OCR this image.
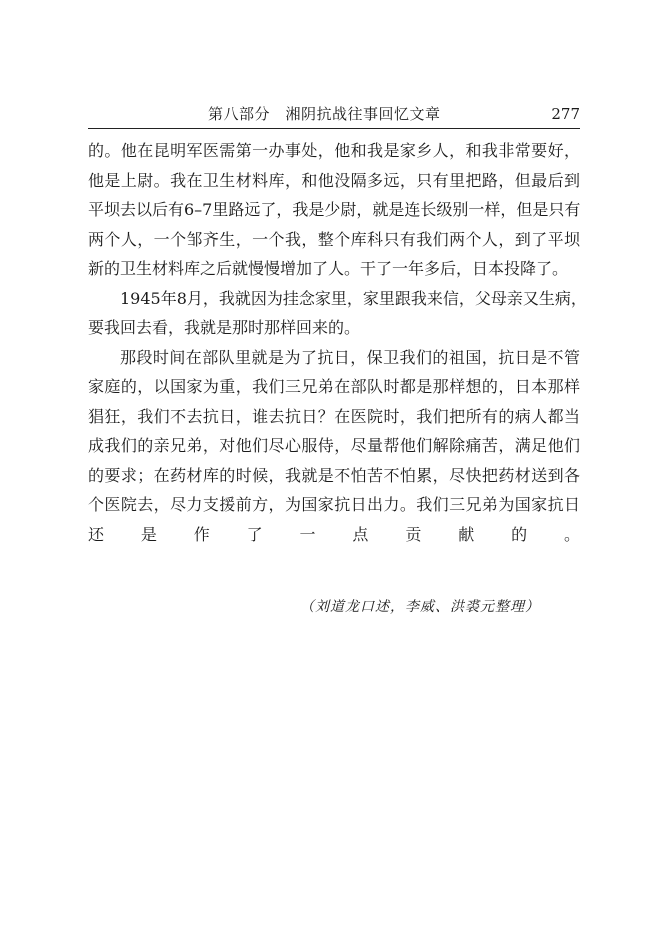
第八部分　湘阴抗战往事回忆文章	277

的。他在昆明军医需第一办事处，他和我是家乡人，和我非常要好，
他是上尉。我在卫生材料库，和他没隔多远，只有里把路，但最后到
平坝去以后有6–7里路远了，我是少尉，就是连长级别一样，但是只有
两个人，一个邹齐生，一个我，整个库科只有我们两个人，到了平坝
新的卫生材料库之后就慢慢增加了人。干了一年多后，日本投降了。

1945年8月，我就因为挂念家里，家里跟我来信，父母亲又生病，
要我回去看，我就是那时那样回来的。

那段时间在部队里就是为了抗日，保卫我们的祖国，抗日是不管
家庭的，以国家为重，我们三兄弟在部队时都是那样想的，日本那样
猖狂，我们不去抗日，谁去抗日？在医院时，我们把所有的病人都当
成我们的亲兄弟，对他们尽心服侍，尽量帮他们解除痛苦，满足他们
的要求；在药材库的时候，我就是不怕苦不怕累，尽快把药材送到各
个医院去，尽力支援前方，为国家抗日出力。我们三兄弟为国家抗日
还是作了一点贡献的。

（刘道龙口述，李威、洪裘元整理）
